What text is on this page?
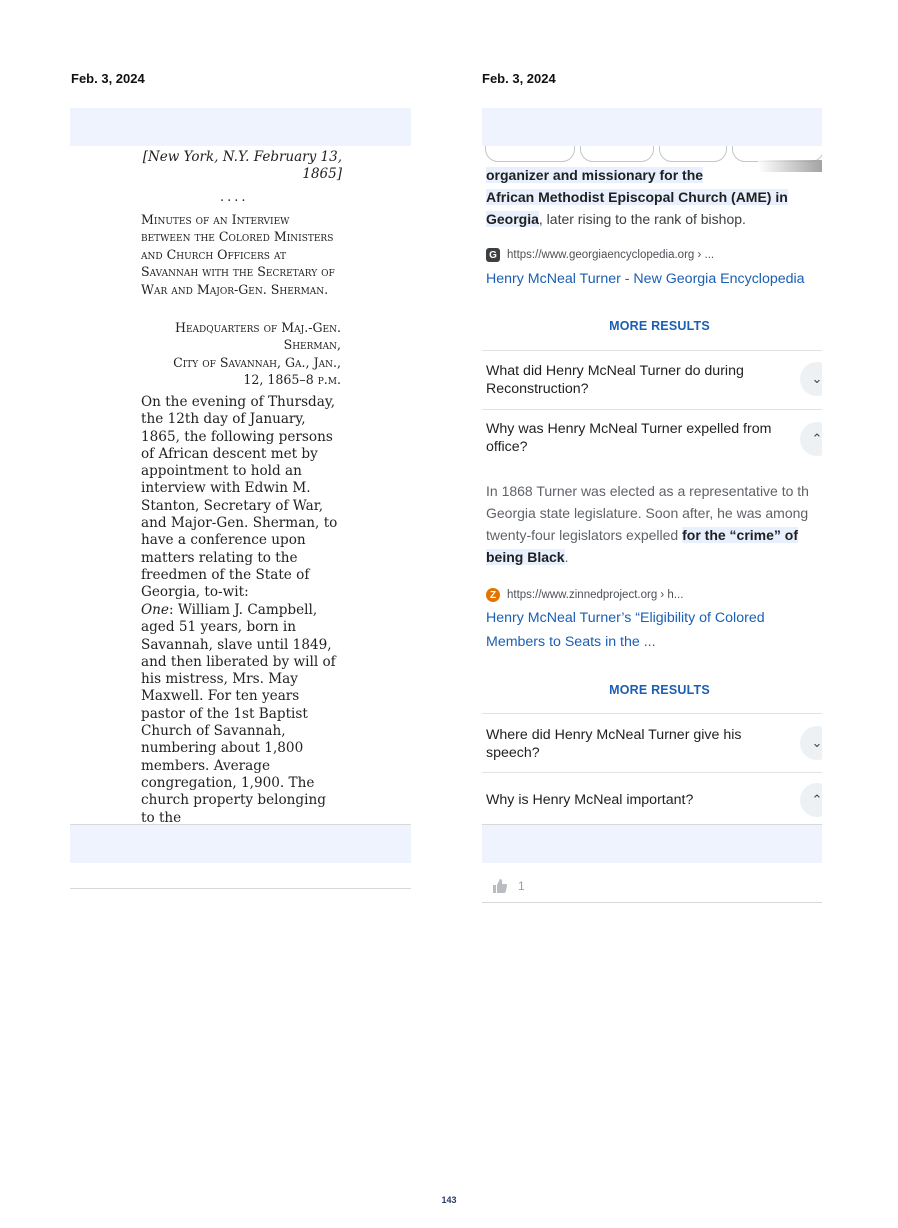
Feb. 3, 2024	Feb. 3, 2024
[New York, N.Y. February 13,
1865]
....
Minutes of an Interview between the Colored Ministers and Church Officers at Savannah with the Secretary of War and Major-Gen. Sherman.
Headquarters of Maj.-Gen. Sherman,
City of Savannah, Ga., Jan., 12, 1865–8 p.m.
On the evening of Thursday, the 12th day of January, 1865, the following persons of African descent met by appointment to hold an interview with Edwin M. Stanton, Secretary of War, and Major-Gen. Sherman, to have a conference upon matters relating to the freedmen of the State of Georgia, to-wit:
One: William J. Campbell, aged 51 years, born in Savannah, slave until 1849, and then liberated by will of his mistress, Mrs. May Maxwell. For ten years pastor of the 1st Baptist Church of Savannah, numbering about 1,800 members. Average congregation, 1,900. The church property belonging to the
organizer and missionary for the
African Methodist Episcopal Church (AME) in Georgia, later rising to the rank of bishop.
G https://www.georgiaencyclopedia.org › ...
Henry McNeal Turner - New Georgia Encyclopedia
MORE RESULTS
What did Henry McNeal Turner do during Reconstruction?
⌄
Why was Henry McNeal Turner expelled from office?
⌃
In 1868 Turner was elected as a representative to th
Georgia state legislature. Soon after, he was among
twenty-four legislators expelled for the “crime” of
being Black.
Z https://www.zinnedproject.org › h...
Henry McNeal Turner’s “Eligibility of Colored Members to Seats in the ...
MORE RESULTS
Where did Henry McNeal Turner give his speech?
⌄
Why is Henry McNeal important?	⌃
1
143
